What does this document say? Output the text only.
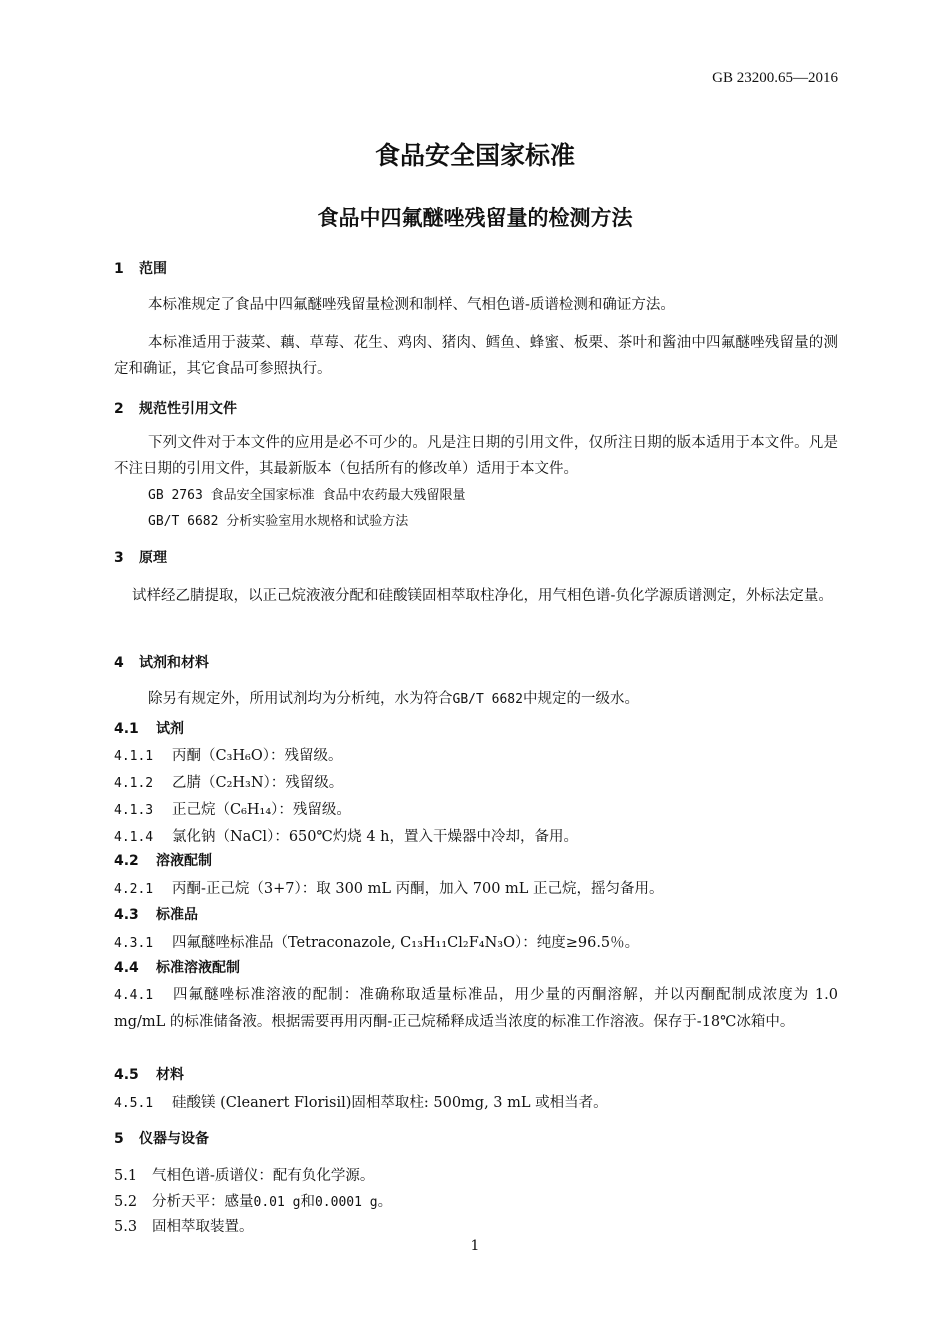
GB 23200.65—2016
食品安全国家标准
食品中四氟醚唑残留量的检测方法
1 范围
本标准规定了食品中四氟醚唑残留量检测和制样、气相色谱-质谱检测和确证方法。
本标准适用于菠菜、藕、草莓、花生、鸡肉、猪肉、鳕鱼、蜂蜜、板栗、茶叶和酱油中四氟醚唑残留量的测定和确证，其它食品可参照执行。
2 规范性引用文件
下列文件对于本文件的应用是必不可少的。凡是注日期的引用文件，仅所注日期的版本适用于本文件。凡是不注日期的引用文件，其最新版本（包括所有的修改单）适用于本文件。
GB 2763 食品安全国家标准 食品中农药最大残留限量
GB/T 6682 分析实验室用水规格和试验方法
3 原理
试样经乙腈提取，以正己烷液液分配和硅酸镁固相萃取柱净化，用气相色谱-负化学源质谱测定，外标法定量。
4 试剂和材料
除另有规定外，所用试剂均为分析纯，水为符合GB/T 6682中规定的一级水。
4.1 试剂
4.1.1 丙酮（C₃H₆O）：残留级。
4.1.2 乙腈（C₂H₃N）：残留级。
4.1.3 正己烷（C₆H₁₄）：残留级。
4.1.4 氯化钠（NaCl）：650℃灼烧 4 h，置入干燥器中冷却，备用。
4.2 溶液配制
4.2.1 丙酮-正己烷（3+7）：取 300 mL 丙酮，加入 700 mL 正己烷，摇匀备用。
4.3 标准品
4.3.1 四氟醚唑标准品（Tetraconazole, C₁₃H₁₁Cl₂F₄N₃O）：纯度≥96.5％。
4.4 标准溶液配制
4.4.1 四氟醚唑标准溶液的配制：准确称取适量标准品，用少量的丙酮溶解，并以丙酮配制成浓度为 1.0 mg/mL 的标准储备液。根据需要再用丙酮-正己烷稀释成适当浓度的标准工作溶液。保存于-18℃冰箱中。
4.5 材料
4.5.1 硅酸镁 (Cleanert Florisil)固相萃取柱: 500mg, 3 mL 或相当者。
5 仪器与设备
5.1 气相色谱-质谱仪：配有负化学源。
5.2 分析天平：感量0.01 g和0.0001 g。
5.3 固相萃取装置。
1
